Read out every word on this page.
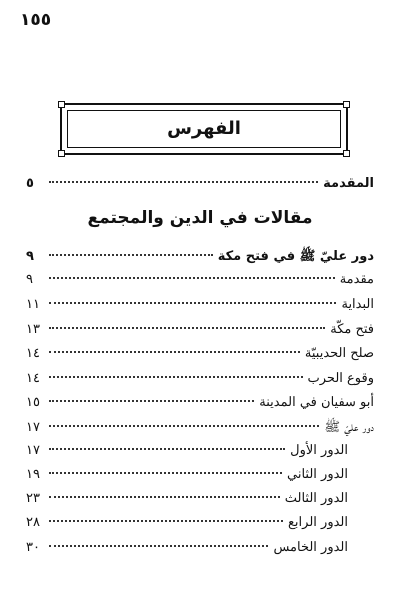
١٥٥
الفهرس
المقدمة
٥
مقالات في الدين والمجتمع
دور عليّ ﷺ في فتح مكة
٩
مقدمة
٩
البداية
١١
فتح مكّة
١٣
صلح الحديبيّة
١٤
وقوع الحرب
١٤
أبو سفيان في المدينة
١٥
دور عليّ ﷺ
١٧
الدور الأول
١٧
الدور الثاني
١٩
الدور الثالث
٢٣
الدور الرابع
٢٨
الدور الخامس
٣٠
